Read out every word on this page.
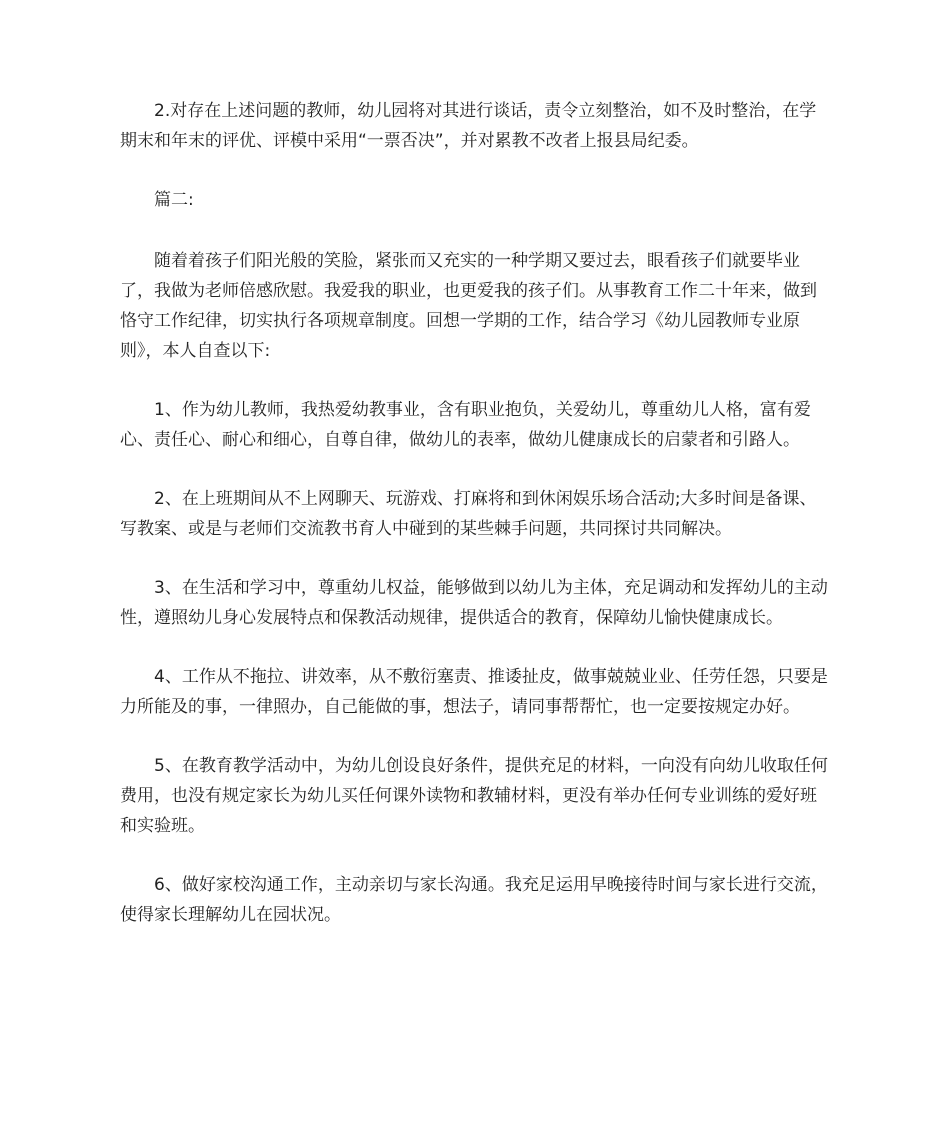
2.对存在上述问题的教师，幼儿园将对其进行谈话，责令立刻整治，如不及时整治，在学期末和年末的评优、评模中采用“一票否决”，并对累教不改者上报县局纪委。

篇二:

随着着孩子们阳光般的笑脸，紧张而又充实的一种学期又要过去，眼看孩子们就要毕业了，我做为老师倍感欣慰。我爱我的职业，也更爱我的孩子们。从事教育工作二十年来，做到恪守工作纪律，切实执行各项规章制度。回想一学期的工作，结合学习《幼儿园教师专业原则》，本人自查以下:

1、作为幼儿教师，我热爱幼教事业，含有职业抱负，关爱幼儿，尊重幼儿人格，富有爱心、责任心、耐心和细心，自尊自律，做幼儿的表率，做幼儿健康成长的启蒙者和引路人。

2、在上班期间从不上网聊天、玩游戏、打麻将和到休闲娱乐场合活动;大多时间是备课、写教案、或是与老师们交流教书育人中碰到的某些棘手问题，共同探讨共同解决。

3、在生活和学习中，尊重幼儿权益，能够做到以幼儿为主体，充足调动和发挥幼儿的主动性，遵照幼儿身心发展特点和保教活动规律，提供适合的教育，保障幼儿愉快健康成长。

4、工作从不拖拉、讲效率，从不敷衍塞责、推诿扯皮，做事兢兢业业、任劳任怨，只要是力所能及的事，一律照办，自己能做的事，想法子，请同事帮帮忙，也一定要按规定办好。

5、在教育教学活动中，为幼儿创设良好条件，提供充足的材料，一向没有向幼儿收取任何费用，也没有规定家长为幼儿买任何课外读物和教辅材料，更没有举办任何专业训练的爱好班和实验班。

6、做好家校沟通工作，主动亲切与家长沟通。我充足运用早晚接待时间与家长进行交流，使得家长理解幼儿在园状况。
